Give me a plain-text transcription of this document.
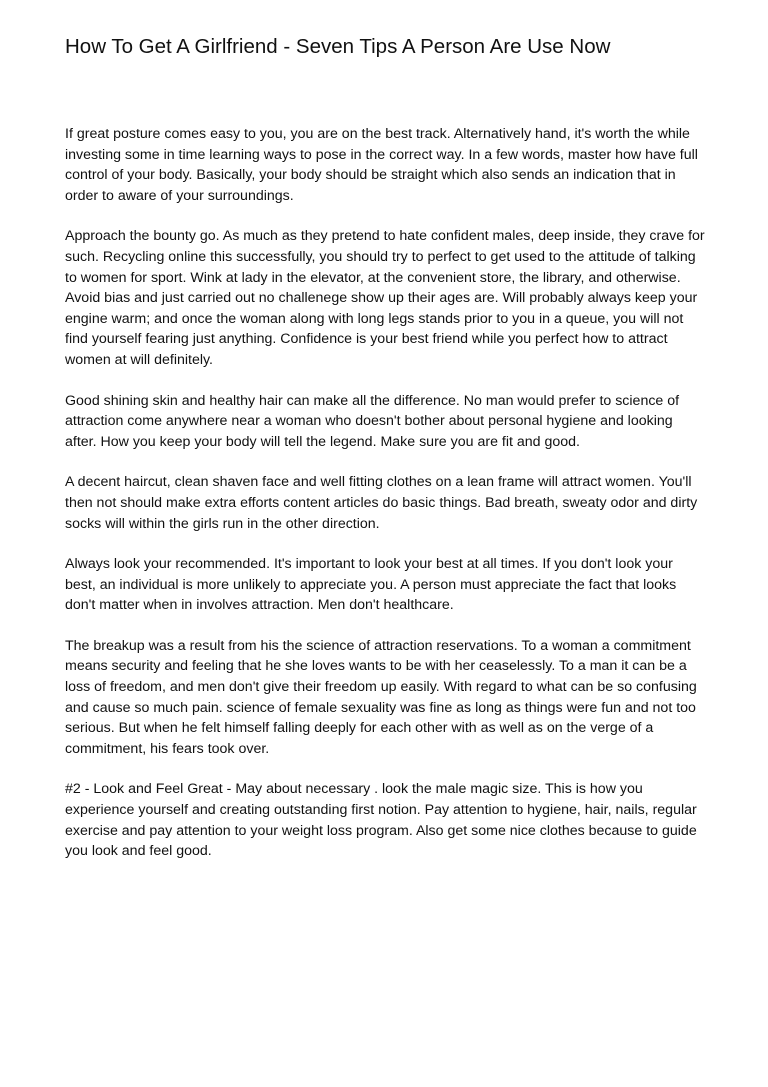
How To Get A Girlfriend - Seven Tips A Person Are Use Now

If great posture comes easy to you, you are on the best track. Alternatively hand, it's worth the while investing some in time learning ways to pose in the correct way. In a few words, master how have full control of your body. Basically, your body should be straight which also sends an indication that in order to aware of your surroundings.

Approach the bounty go. As much as they pretend to hate confident males, deep inside, they crave for such. Recycling online this successfully, you should try to perfect to get used to the attitude of talking to women for sport. Wink at lady in the elevator, at the convenient store, the library, and otherwise. Avoid bias and just carried out no challenege show up their ages are. Will probably always keep your engine warm; and once the woman along with long legs stands prior to you in a queue, you will not find yourself fearing just anything. Confidence is your best friend while you perfect how to attract women at will definitely.

Good shining skin and healthy hair can make all the difference. No man would prefer to science of attraction come anywhere near a woman who doesn't bother about personal hygiene and looking after. How you keep your body will tell the legend. Make sure you are fit and good.

A decent haircut, clean shaven face and well fitting clothes on a lean frame will attract women. You'll then not should make extra efforts content articles do basic things. Bad breath, sweaty odor and dirty socks will within the girls run in the other direction.

Always look your recommended. It's important to look your best at all times. If you don't look your best, an individual is more unlikely to appreciate you. A person must appreciate the fact that looks don't matter when in involves attraction. Men don't healthcare.

The breakup was a result from his the science of attraction reservations. To a woman a commitment means security and feeling that he she loves wants to be with her ceaselessly. To a man it can be a loss of freedom, and men don't give their freedom up easily. With regard to what can be so confusing and cause so much pain. science of female sexuality was fine as long as things were fun and not too serious. But when he felt himself falling deeply for each other with as well as on the verge of a commitment, his fears took over.

#2 - Look and Feel Great - May about necessary . look the male magic size. This is how you experience yourself and creating outstanding first notion. Pay attention to hygiene, hair, nails, regular exercise and pay attention to your weight loss program. Also get some nice clothes because to guide you look and feel good.
